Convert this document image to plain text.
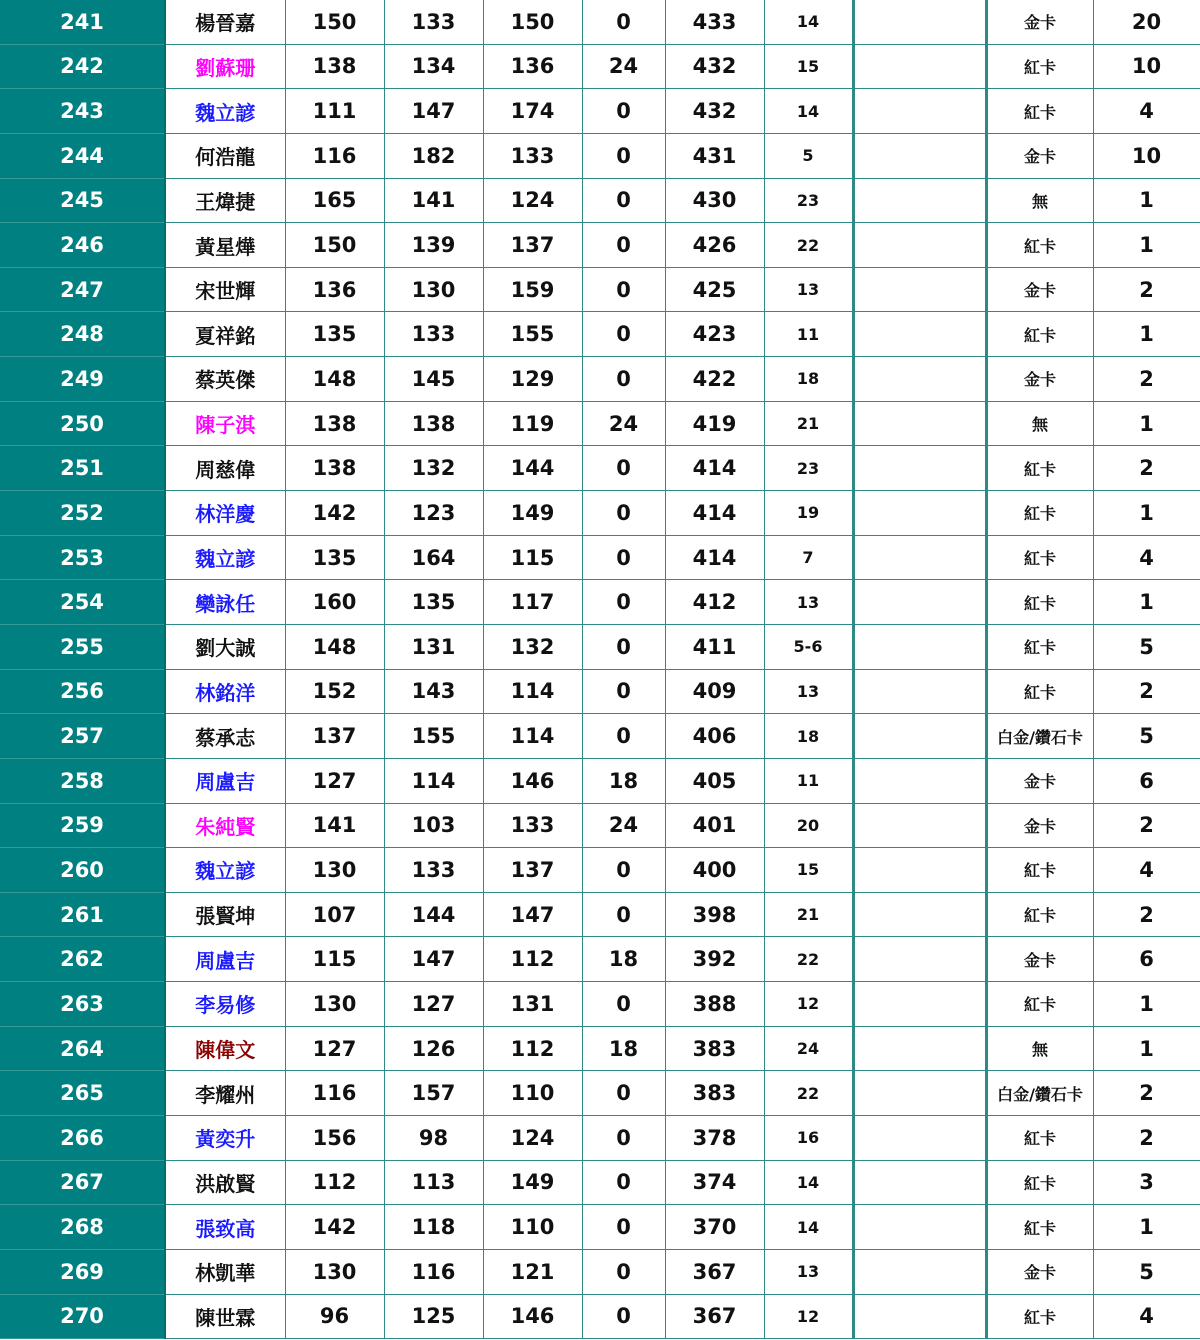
241	楊晉嘉	150	133	150	0	433	14		金卡	20
242	劉蘇珊	138	134	136	24	432	15		紅卡	10
243	魏立諺	111	147	174	0	432	14		紅卡	4
244	何浩龍	116	182	133	0	431	5		金卡	10
245	王煒捷	165	141	124	0	430	23		無	1
246	黃星燁	150	139	137	0	426	22		紅卡	1
247	宋世輝	136	130	159	0	425	13		金卡	2
248	夏祥銘	135	133	155	0	423	11		紅卡	1
249	蔡英傑	148	145	129	0	422	18		金卡	2
250	陳子淇	138	138	119	24	419	21		無	1
251	周慈偉	138	132	144	0	414	23		紅卡	2
252	林洋慶	142	123	149	0	414	19		紅卡	1
253	魏立諺	135	164	115	0	414	7		紅卡	4
254	欒詠任	160	135	117	0	412	13		紅卡	1
255	劉大誠	148	131	132	0	411	5-6		紅卡	5
256	林銘洋	152	143	114	0	409	13		紅卡	2
257	蔡承志	137	155	114	0	406	18		白金/鑽石卡	5
258	周盧吉	127	114	146	18	405	11		金卡	6
259	朱純賢	141	103	133	24	401	20		金卡	2
260	魏立諺	130	133	137	0	400	15		紅卡	4
261	張賢坤	107	144	147	0	398	21		紅卡	2
262	周盧吉	115	147	112	18	392	22		金卡	6
263	李易修	130	127	131	0	388	12		紅卡	1
264	陳偉文	127	126	112	18	383	24		無	1
265	李耀州	116	157	110	0	383	22		白金/鑽石卡	2
266	黃奕升	156	98	124	0	378	16		紅卡	2
267	洪啟賢	112	113	149	0	374	14		紅卡	3
268	張致高	142	118	110	0	370	14		紅卡	1
269	林凱華	130	116	121	0	367	13		金卡	5
270	陳世霖	96	125	146	0	367	12		紅卡	4
